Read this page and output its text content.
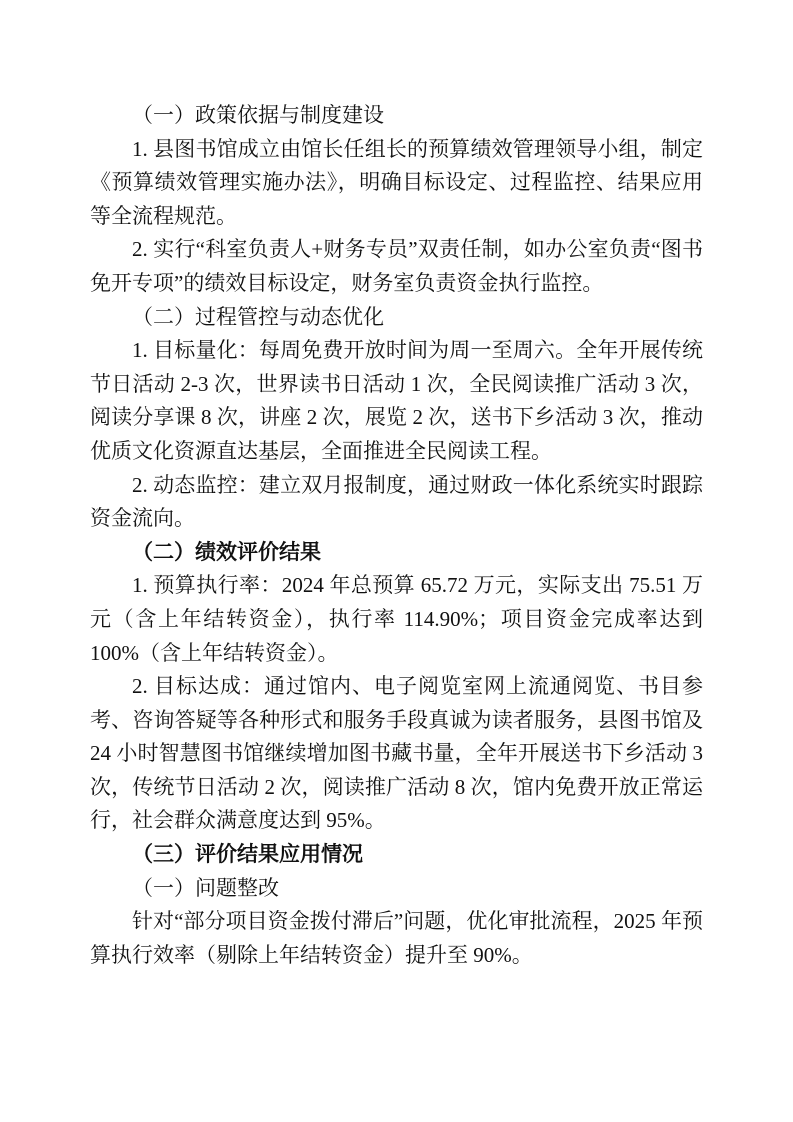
（一）政策依据与制度建设

1. 县图书馆成立由馆长任组长的预算绩效管理领导小组，制定《预算绩效管理实施办法》，明确目标设定、过程监控、结果应用等全流程规范。

2. 实行“科室负责人+财务专员”双责任制，如办公室负责“图书免开专项”的绩效目标设定，财务室负责资金执行监控。

（二）过程管控与动态优化

1. 目标量化：每周免费开放时间为周一至周六。全年开展传统节日活动 2-3 次，世界读书日活动 1 次，全民阅读推广活动 3 次，阅读分享课 8 次，讲座 2 次，展览 2 次，送书下乡活动 3 次，推动优质文化资源直达基层，全面推进全民阅读工程。

2. 动态监控：建立双月报制度，通过财政一体化系统实时跟踪资金流向。

（二）绩效评价结果

1. 预算执行率：2024 年总预算 65.72 万元，实际支出 75.51 万元（含上年结转资金），执行率 114.90%；项目资金完成率达到 100%（含上年结转资金）。

2. 目标达成：通过馆内、电子阅览室网上流通阅览、书目参考、咨询答疑等各种形式和服务手段真诚为读者服务，县图书馆及 24 小时智慧图书馆继续增加图书藏书量，全年开展送书下乡活动 3 次，传统节日活动 2 次，阅读推广活动 8 次，馆内免费开放正常运行，社会群众满意度达到 95%。

（三）评价结果应用情况

（一）问题整改

针对“部分项目资金拨付滞后”问题，优化审批流程，2025 年预算执行效率（剔除上年结转资金）提升至 90%。
